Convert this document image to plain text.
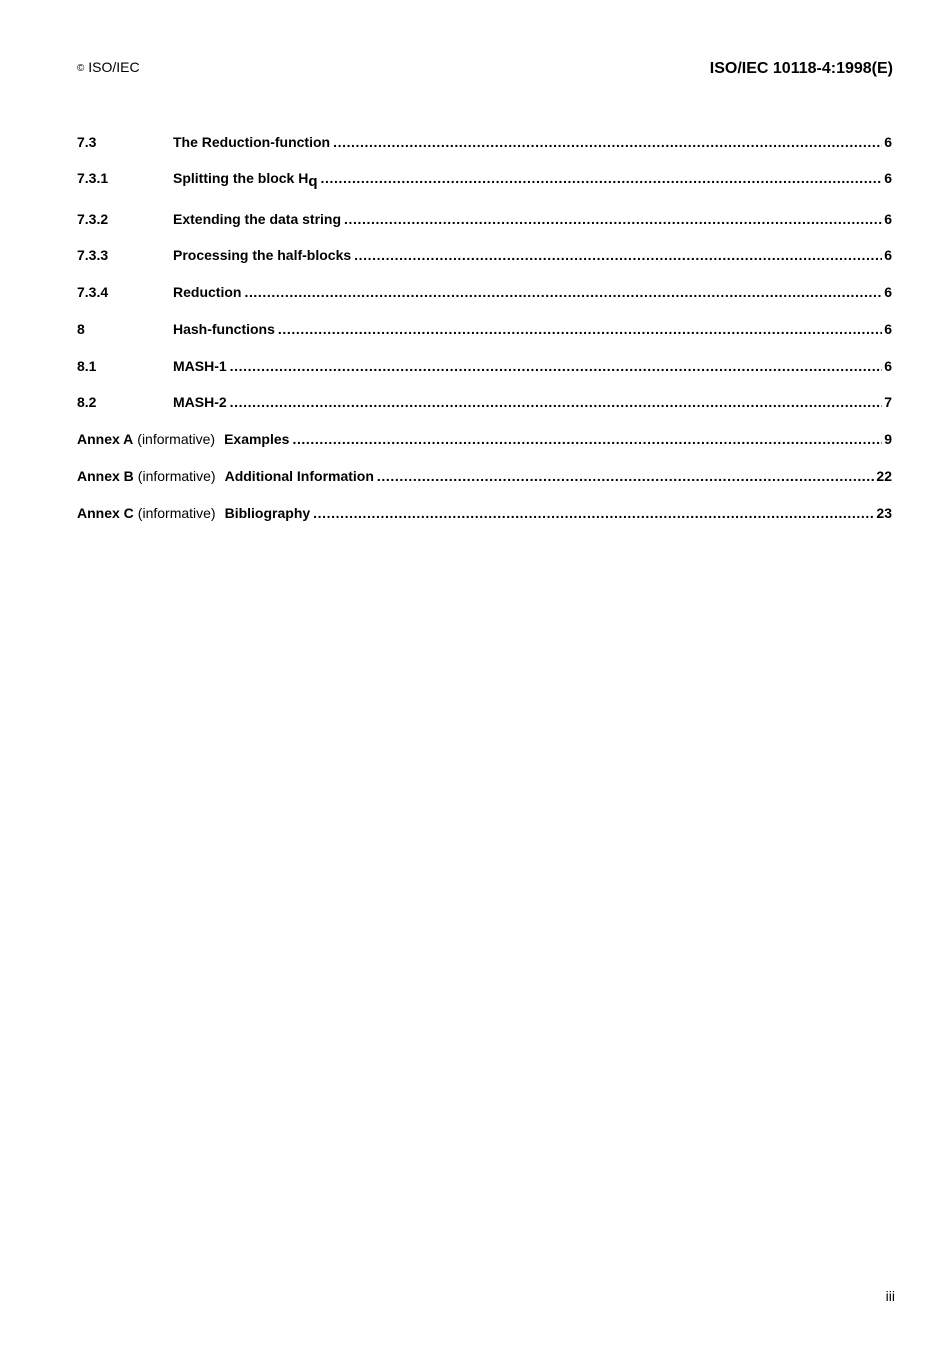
© ISO/IEC	ISO/IEC 10118-4:1998(E)
7.3	The Reduction-function .....	6
7.3.1	Splitting the block $H_q$ .....	6
7.3.2	Extending the data string .....	6
7.3.3	Processing the half-blocks .....	6
7.3.4	Reduction .....	6
8	Hash-functions .....	6
8.1	MASH-1 .....	6
8.2	MASH-2 .....	7
Annex A (informative) Examples .....	9
Annex B (informative) Additional Information .....	22
Annex C (informative) Bibliography .....	23
iii
